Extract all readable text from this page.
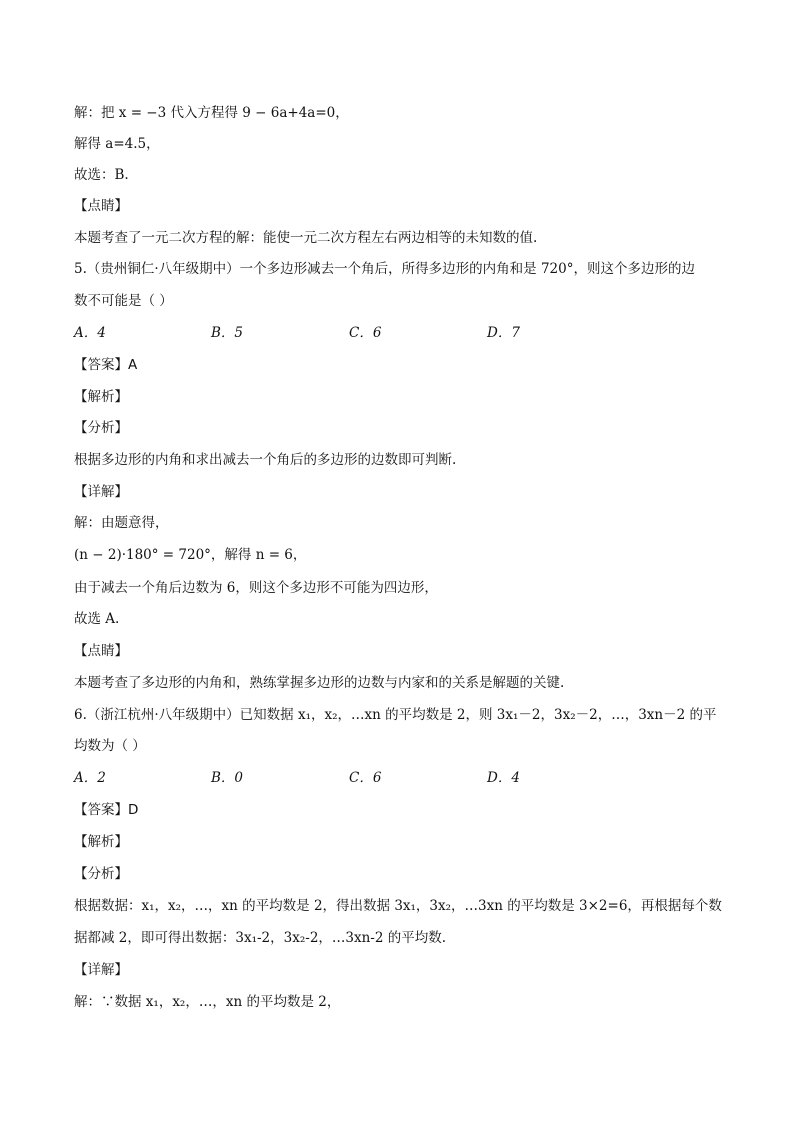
解：把 x = −3 代入方程得 9 − 6a+4a=0，
解得 a=4.5，
故选：B.
【点睛】
本题考查了一元二次方程的解：能使一元二次方程左右两边相等的未知数的值.
5.（贵州铜仁·八年级期中）一个多边形减去一个角后，所得多边形的内角和是 720°，则这个多边形的边
数不可能是（ ）
A．4	B．5	C．6	D．7
【答案】A
【解析】
【分析】
根据多边形的内角和求出减去一个角后的多边形的边数即可判断.
【详解】
解：由题意得，
(n − 2)·180° = 720°，解得 n = 6，
由于减去一个角后边数为 6，则这个多边形不可能为四边形，
故选 A.
【点睛】
本题考查了多边形的内角和，熟练掌握多边形的边数与内家和的关系是解题的关键.
6.（浙江杭州·八年级期中）已知数据 x₁，x₂，…xn 的平均数是 2，则 3x₁－2，3x₂－2，…，3xn－2 的平
均数为（ ）
A．2	B．0	C．6	D．4
【答案】D
【解析】
【分析】
根据数据：x₁，x₂，…，xn 的平均数是 2，得出数据 3x₁，3x₂，…3xn 的平均数是 3×2=6，再根据每个数
据都减 2，即可得出数据：3x₁-2，3x₂-2，…3xn-2 的平均数.
【详解】
解：∵数据 x₁，x₂，…，xn 的平均数是 2，
